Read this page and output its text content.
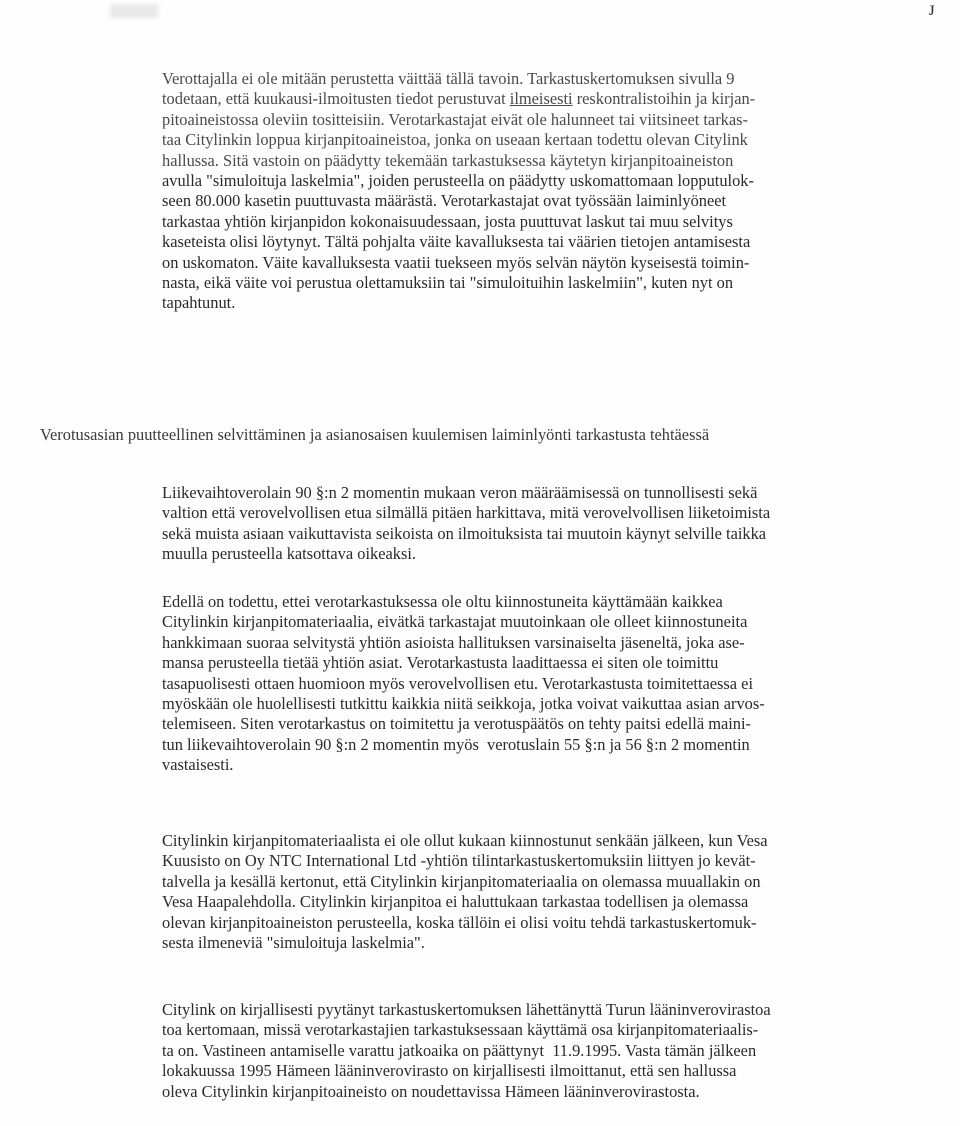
ᴊ
Verottajalla ei ole mitään perustetta väittää tällä tavoin. Tarkastuskertomuksen sivulla 9
todetaan, että kuukausi-ilmoitusten tiedot perustuvat ilmeisesti reskontralistoihin ja kirjan-
pitoaineistossa oleviin tositteisiin. Verotarkastajat eivät ole halunneet tai viitsineet tarkas-
taa Citylinkin loppua kirjanpitoaineistoa, jonka on useaan kertaan todettu olevan Citylink
hallussa. Sitä vastoin on päädytty tekemään tarkastuksessa käytetyn kirjanpitoaineiston
avulla "simuloituja laskelmia", joiden perusteella on päädytty uskomattomaan lopputulok-
seen 80.000 kasetin puuttuvasta määrästä. Verotarkastajat ovat työssään laiminlyöneet
tarkastaa yhtiön kirjanpidon kokonaisuudessaan, josta puuttuvat laskut tai muu selvitys
kaseteista olisi löytynyt. Tältä pohjalta väite kavalluksesta tai väärien tietojen antamisesta
on uskomaton. Väite kavalluksesta vaatii tuekseen myös selvän näytön kyseisestä toimin-
nasta, eikä väite voi perustua olettamuksiin tai "simuloituihin laskelmiin", kuten nyt on
tapahtunut.
Verotusasian puutteellinen selvittäminen ja asianosaisen kuulemisen laiminlyönti tarkastusta tehtäessä
Liikevaihtoverolain 90 §:n 2 momentin mukaan veron määräämisessä on tunnollisesti sekä
valtion että verovelvollisen etua silmällä pitäen harkittava, mitä verovelvollisen liiketoimista
sekä muista asiaan vaikuttavista seikoista on ilmoituksista tai muutoin käynyt selville taikka
muulla perusteella katsottava oikeaksi.
Edellä on todettu, ettei verotarkastuksessa ole oltu kiinnostuneita käyttämään kaikkea
Citylinkin kirjanpitomateriaalia, eivätkä tarkastajat muutoinkaan ole olleet kiinnostuneita
hankkimaan suoraa selvitystä yhtiön asioista hallituksen varsinaiselta jäseneltä, joka ase-
mansa perusteella tietää yhtiön asiat. Verotarkastusta laadittaessa ei siten ole toimittu
tasapuolisesti ottaen huomioon myös verovelvollisen etu. Verotarkastusta toimitettaessa ei
myöskään ole huolellisesti tutkittu kaikkia niitä seikkoja, jotka voivat vaikuttaa asian arvos-
telemiseen. Siten verotarkastus on toimitettu ja verotuspäätös on tehty paitsi edellä maini-
tun liikevaihtoverolain 90 §:n 2 momentin myös  verotuslain 55 §:n ja 56 §:n 2 momentin
vastaisesti.
Citylinkin kirjanpitomateriaalista ei ole ollut kukaan kiinnostunut senkään jälkeen, kun Vesa
Kuusisto on Oy NTC International Ltd -yhtiön tilintarkastuskertomuksiin liittyen jo kevät-
talvella ja kesällä kertonut, että Citylinkin kirjanpitomateriaalia on olemassa muuallakin on
Vesa Haapalehdolla. Citylinkin kirjanpitoa ei haluttukaan tarkastaa todellisen ja olemassa
olevan kirjanpitoaineiston perusteella, koska tällöin ei olisi voitu tehdä tarkastuskertomuk-
sesta ilmeneviä "simuloituja laskelmia".
Citylink on kirjallisesti pyytänyt tarkastuskertomuksen lähettänyttä Turun lääninverovirastoa
toa kertomaan, missä verotarkastajien tarkastuksessaan käyttämä osa kirjanpitomateriaalis-
ta on. Vastineen antamiselle varattu jatkoaika on päättynyt  11.9.1995. Vasta tämän jälkeen
lokakuussa 1995 Hämeen lääninverovirasto on kirjallisesti ilmoittanut, että sen hallussa
oleva Citylinkin kirjanpitoaineisto on noudettavissa Hämeen lääninverovirastosta.
